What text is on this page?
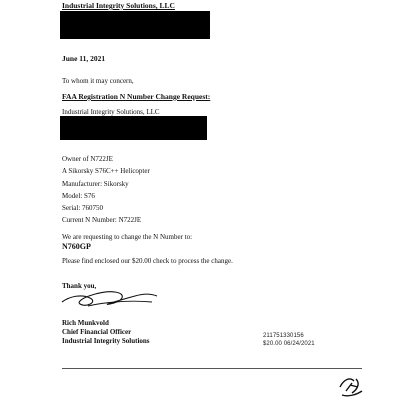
Industrial Integrity Solutions, LLC
June 11, 2021
To whom it may concern,
FAA Registration N Number Change Request:
Industrial Integrity Solutions, LLC
Owner of N722JE
A Sikorsky S76C++ Helicopter
Manufacturer: Sikorsky
Model: S76
Serial: 760750
Current N Number: N722JE
We are requesting to change the N Number to:
N760GP
Please find enclosed our $20.00 check to process the change.
Thank you,
Rich Munkvold
Chief Financial Officer
Industrial Integrity Solutions
211751330156
$20.00 06/24/2021
